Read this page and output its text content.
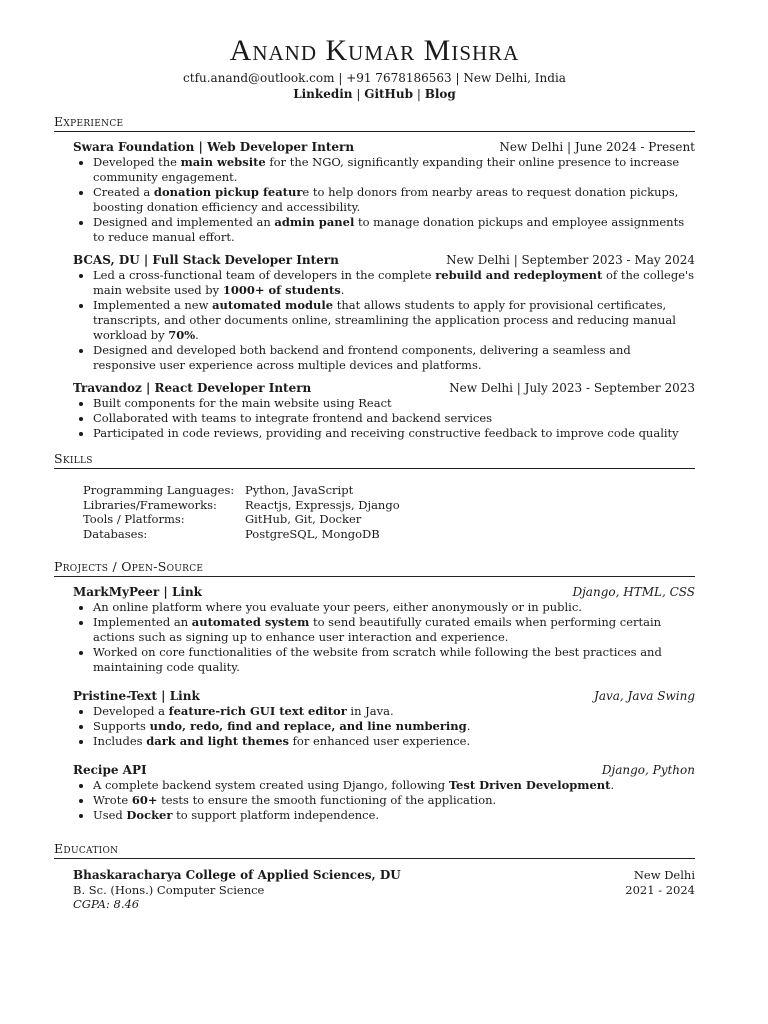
Anand Kumar Mishra
ctfu.anand@outlook.com | +91 7678186563 | New Delhi, India
Linkedin | GitHub | Blog
Experience
Swara Foundation | Web Developer Intern	New Delhi | June 2024 - Present
• Developed the main website for the NGO, significantly expanding their online presence to increase community engagement.
• Created a donation pickup feature to help donors from nearby areas to request donation pickups, boosting donation efficiency and accessibility.
• Designed and implemented an admin panel to manage donation pickups and employee assignments to reduce manual effort.
BCAS, DU | Full Stack Developer Intern	New Delhi | September 2023 - May 2024
• Led a cross-functional team of developers in the complete rebuild and redeployment of the college's main website used by 1000+ of students.
• Implemented a new automated module that allows students to apply for provisional certificates, transcripts, and other documents online, streamlining the application process and reducing manual workload by 70%.
• Designed and developed both backend and frontend components, delivering a seamless and responsive user experience across multiple devices and platforms.
Travandoz | React Developer Intern	New Delhi | July 2023 - September 2023
• Built components for the main website using React
• Collaborated with teams to integrate frontend and backend services
• Participated in code reviews, providing and receiving constructive feedback to improve code quality
Skills
Programming Languages: Python, JavaScript
Libraries/Frameworks:	Reactjs, Expressjs, Django
Tools / Platforms:	GitHub, Git, Docker
Databases:	PostgreSQL, MongoDB
Projects / Open-Source
MarkMyPeer | Link	Django, HTML, CSS
• An online platform where you evaluate your peers, either anonymously or in public.
• Implemented an automated system to send beautifully curated emails when performing certain actions such as signing up to enhance user interaction and experience.
• Worked on core functionalities of the website from scratch while following the best practices and maintaining code quality.
Pristine-Text | Link	Java, Java Swing
• Developed a feature-rich GUI text editor in Java.
• Supports undo, redo, find and replace, and line numbering.
• Includes dark and light themes for enhanced user experience.
Recipe API	Django, Python
• A complete backend system created using Django, following Test Driven Development.
• Wrote 60+ tests to ensure the smooth functioning of the application.
• Used Docker to support platform independence.
Education
Bhaskaracharya College of Applied Sciences, DU	New Delhi
B. Sc. (Hons.) Computer Science	2021 - 2024
CGPA: 8.46
